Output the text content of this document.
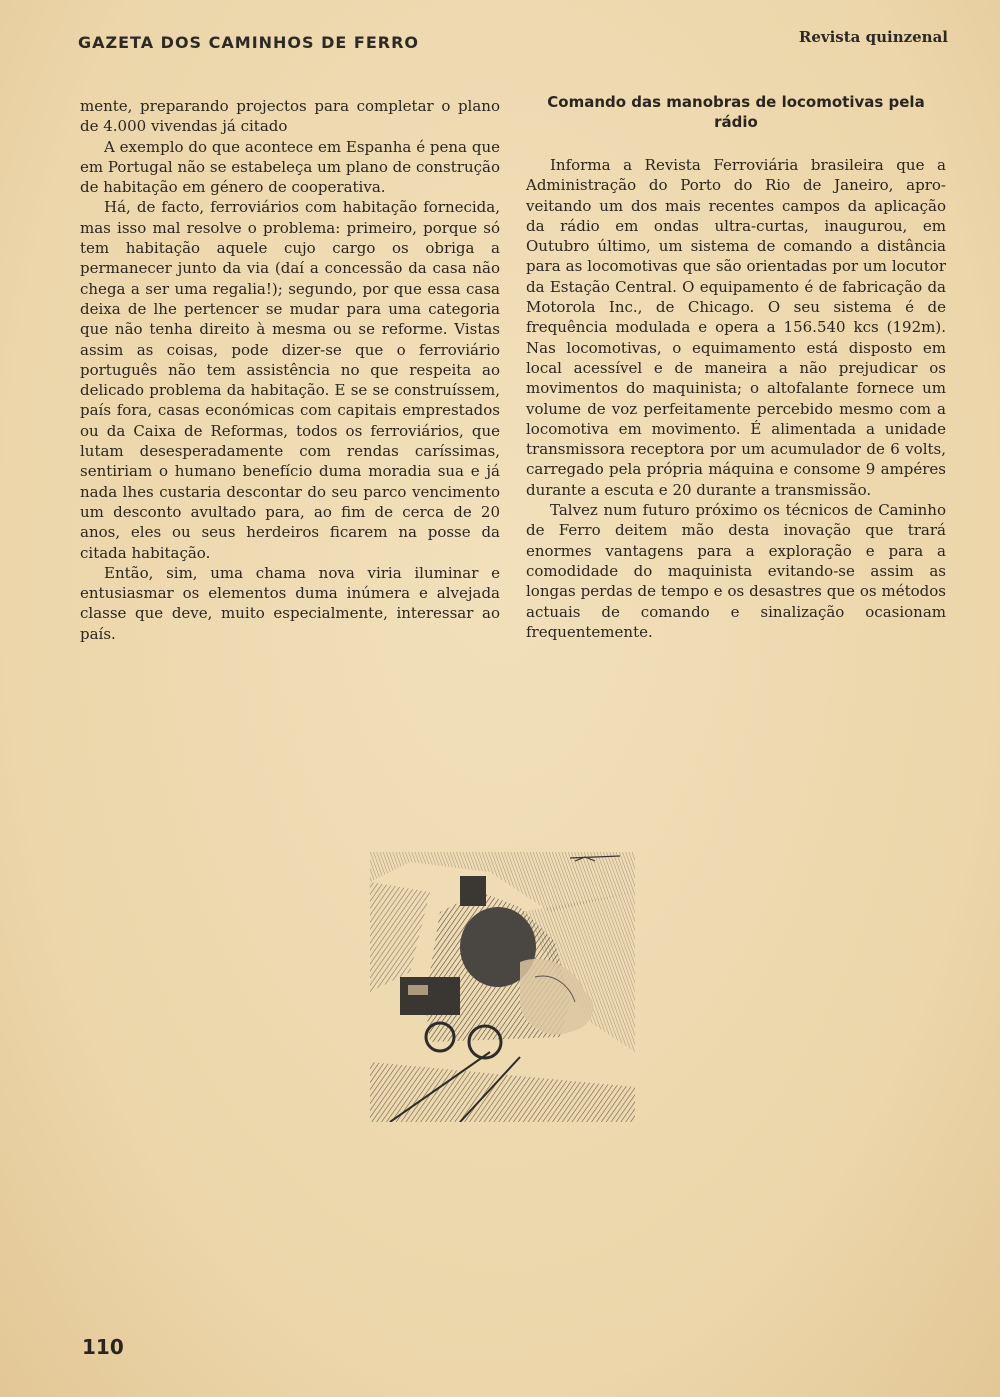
GAZETA DOS CAMINHOS DE FERRO	Revista quinzenal

mente, preparando projectos para completar o plano de 4.000 vivendas já citado

A exemplo do que acontece em Espanha é pena que em Portugal não se estabeleça um plano de construção de habitação em género de cooperativa.

Há, de facto, ferroviários com habitação fornecida, mas isso mal resolve o problema: primeiro, porque só tem habitação aquele cujo cargo os obriga a permanecer junto da via (daí a concessão da casa não chega a ser uma regalia!); segundo, por que essa casa deixa de lhe pertencer se mudar para uma categoria que não tenha direito à mesma ou se reforme. Vistas assim as coisas, pode dizer-se que o ferroviário português não tem assistência no que respeita ao delicado problema da habitação. E se se construíssem, país fora, casas económicas com capitais emprestados ou da Caixa de Reformas, todos os ferroviários, que lutam desesperadamente com rendas caríssimas, sentiriam o humano benefício duma moradia sua e já nada lhes custaria descontar do seu parco vencimento um desconto avultado para, ao fim de cerca de 20 anos, eles ou seus herdeiros ficarem na posse da citada habitação.

Então, sim, uma chama nova viria iluminar e entusiasmar os elementos duma inúmera e alvejada classe que deve, muito especialmente, interessar ao país.

Comando das manobras de locomotivas pela rádio

Informa a Revista Ferroviária brasileira que a Administração do Porto do Rio de Janeiro, aproveitando um dos mais recentes campos da aplicação da rádio em ondas ultra-curtas, inaugurou, em Outubro último, um sistema de comando a distância para as locomotivas que são orientadas por um locutor da Estação Central. O equipamento é de fabricação da Motorola Inc., de Chicago. O seu sistema é de frequência modulada e opera a 156.540 kcs (192m). Nas locomotivas, o equimamento está disposto em local acessível e de maneira a não prejudicar os movimentos do maquinista; o altofalante fornece um volume de voz perfeitamente percebido mesmo com a locomotiva em movimento. É alimentada a unidade transmissora receptora por um acumulador de 6 volts, carregado pela própria máquina e consome 9 ampéres durante a escuta e 20 durante a transmissão.

Talvez num futuro próximo os técnicos de Caminho de Ferro deitem mão desta inovação que trará enormes vantagens para a exploração e para a comodidade do maquinista evitando-se assim as longas perdas de tempo e os desastres que os métodos actuais de comando e sinalização ocasionam frequentemente.

110
